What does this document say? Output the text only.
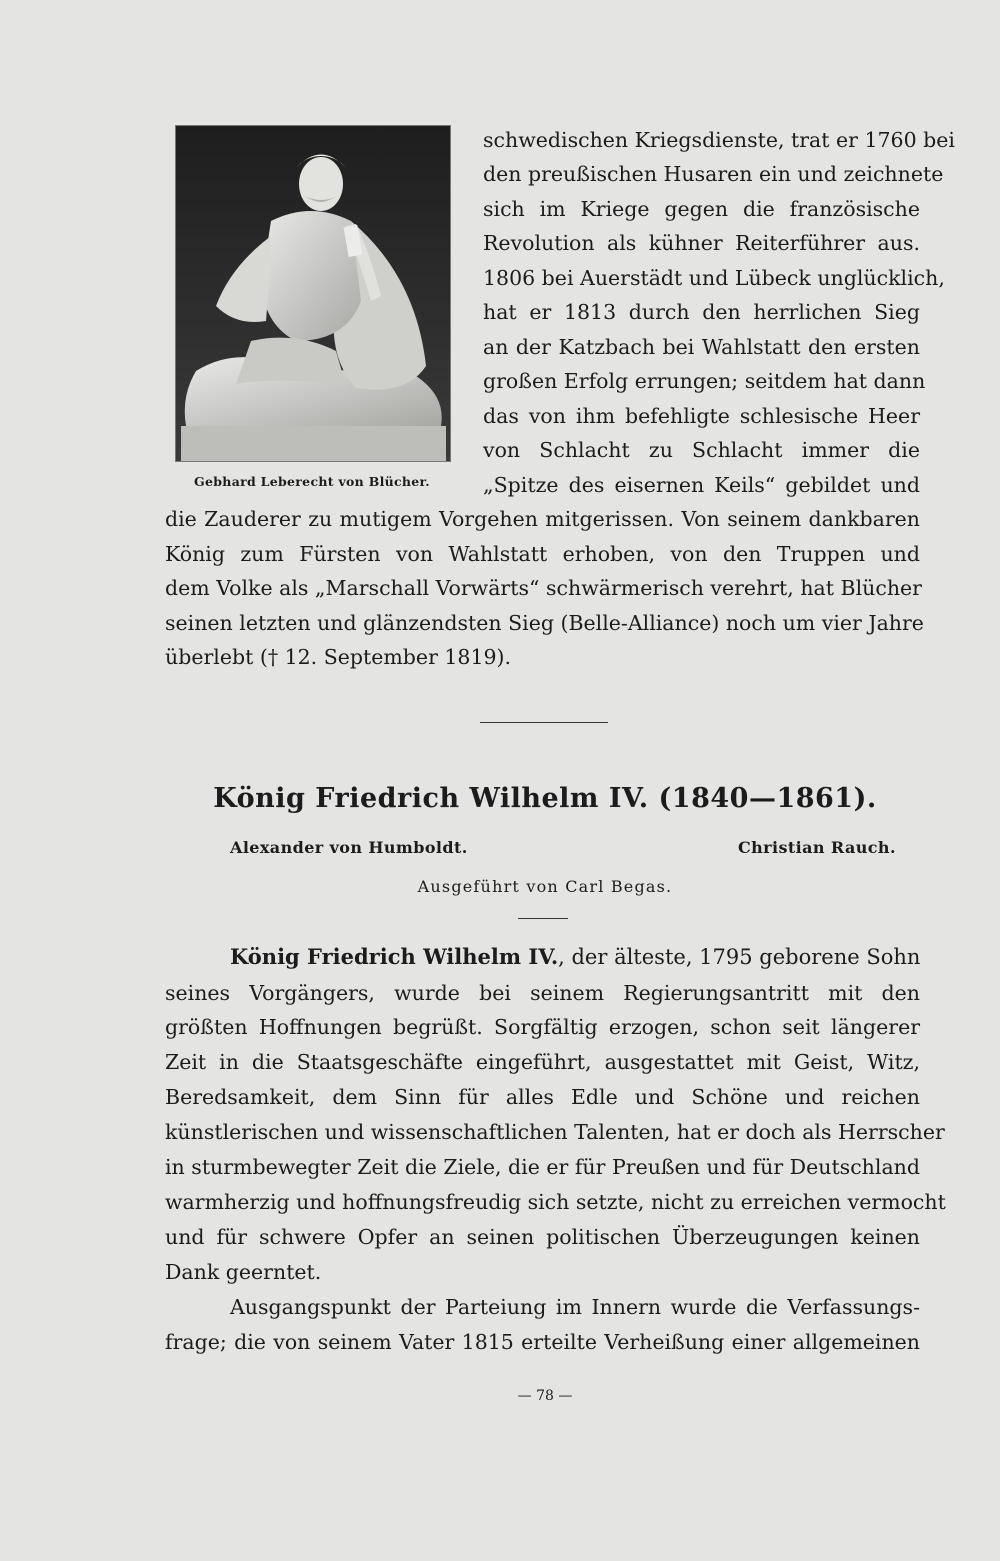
Gebhard Leberecht von Blücher.
schwedischen Kriegsdienste, trat er 1760 bei
den preußischen Husaren ein und zeichnete
sich im Kriege gegen die französische
Revolution als kühner Reiterführer aus.
1806 bei Auerstädt und Lübeck unglücklich,
hat er 1813 durch den herrlichen Sieg
an der Katzbach bei Wahlstatt den ersten
großen Erfolg errungen; seitdem hat dann
das von ihm befehligte schlesische Heer
von Schlacht zu Schlacht immer die
„Spitze des eisernen Keils“ gebildet und
die Zauderer zu mutigem Vorgehen mitgerissen. Von seinem dankbaren
König zum Fürsten von Wahlstatt erhoben, von den Truppen und
dem Volke als „Marschall Vorwärts“ schwärmerisch verehrt, hat Blücher
seinen letzten und glänzendsten Sieg (Belle-Alliance) noch um vier Jahre
überlebt († 12. September 1819).
König Friedrich Wilhelm IV. (1840—1861).
Alexander von Humboldt.	Christian Rauch.
Ausgeführt von Carl Begas.
König Friedrich Wilhelm IV., der älteste, 1795 geborene Sohn
seines Vorgängers, wurde bei seinem Regierungsantritt mit den
größten Hoffnungen begrüßt. Sorgfältig erzogen, schon seit längerer
Zeit in die Staatsgeschäfte eingeführt, ausgestattet mit Geist, Witz,
Beredsamkeit, dem Sinn für alles Edle und Schöne und reichen
künstlerischen und wissenschaftlichen Talenten, hat er doch als Herrscher
in sturmbewegter Zeit die Ziele, die er für Preußen und für Deutschland
warmherzig und hoffnungsfreudig sich setzte, nicht zu erreichen vermocht
und für schwere Opfer an seinen politischen Überzeugungen keinen
Dank geerntet.
Ausgangspunkt der Parteiung im Innern wurde die Verfassungs-
frage; die von seinem Vater 1815 erteilte Verheißung einer allgemeinen
— 78 —
